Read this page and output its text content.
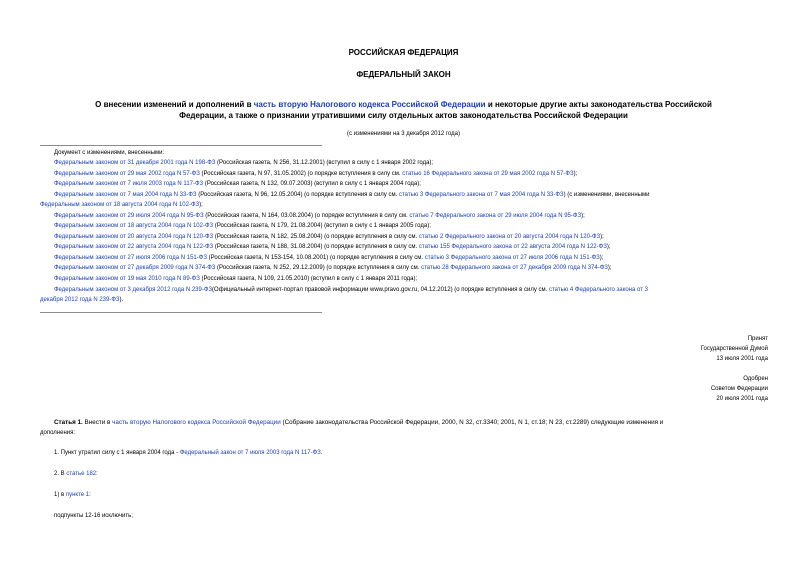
РОССИЙСКАЯ ФЕДЕРАЦИЯ
ФЕДЕРАЛЬНЫЙ ЗАКОН
О внесении изменений и дополнений в часть вторую Налогового кодекса Российской Федерации и некоторые другие акты законодательства Российской
Федерации, а также о признании утратившими силу отдельных актов законодательства Российской Федерации
(с изменениями на 3 декабря 2012 года)
Документ с изменениями, внесенными:
Федеральным законом от 31 декабря 2001 года N 198-ФЗ (Российская газета, N 256, 31.12.2001) (вступил в силу с 1 января 2002 года);
Федеральным законом от 29 мая 2002 года N 57-ФЗ (Российская газета, N 97, 31.05.2002) (о порядке вступления в силу см. статью 16 Федерального закона от 29 мая 2002 года N 57-ФЗ);
Федеральным законом от 7 июля 2003 года N 117-ФЗ (Российская газета, N 132, 09.07.2003) (вступил в силу с 1 января 2004 года);
Федеральным законом от 7 мая 2004 года N 33-ФЗ (Российская газета, N 96, 12.05.2004) (о порядке вступления в силу см. статью 3 Федерального закона от 7 мая 2004 года N 33-ФЗ) (с изменениями, внесенными
Федеральным законом от 18 августа 2004 года N 102-ФЗ);
Федеральным законом от 29 июля 2004 года N 95-ФЗ (Российская газета, N 164, 03.08.2004) (о порядке вступления в силу см. статью 7 Федерального закона от 29 июля 2004 года N 95-ФЗ);
Федеральным законом от 18 августа 2004 года N 102-ФЗ (Российская газета, N 179, 21.08.2004) (вступил в силу с 1 января 2005 года);
Федеральным законом от 20 августа 2004 года N 120-ФЗ (Российская газета, N 182, 25.08.2004) (о порядке вступления в силу см. статью 2 Федерального закона от 20 августа 2004 года N 120-ФЗ);
Федеральным законом от 22 августа 2004 года N 122-ФЗ (Российская газета, N 188, 31.08.2004) (о порядке вступления в силу см. статью 155 Федерального закона от 22 августа 2004 года N 122-ФЗ);
Федеральным законом от 27 июля 2006 года N 151-ФЗ (Российская газета, N 153-154, 10.08.2001) (о порядке вступления в силу см. статью 3 Федерального закона от 27 июля 2006 года N 151-ФЗ);
Федеральным законом от 27 декабря 2009 года N 374-ФЗ (Российская газета, N 252, 29.12.2009) (о порядке вступления в силу см. статью 28 Федерального закона от 27 декабря 2009 года N 374-ФЗ);
Федеральным законом от 19 мая 2010 года N 89-ФЗ (Российская газета, N 109, 21.05.2010) (вступил в силу с 1 января 2011 года);
Федеральным законом от 3 декабря 2012 года N 239-ФЗ(Официальный интернет-портал правовой информации www.pravo.gov.ru, 04.12.2012) (о порядке вступления в силу см. статью 4 Федерального закона от 3
декабря 2012 года N 239-ФЗ).
Принят
Государственной Думой
13 июля 2001 года
Одобрен
Советом Федерации
20 июля 2001 года
Статья 1. Внести в часть вторую Налогового кодекса Российской Федерации (Собрание законодательства Российской Федерации, 2000, N 32, ст.3340; 2001, N 1, ст.18; N 23, ст.2289) следующие изменения и
дополнения:
1. Пункт утратил силу с 1 января 2004 года - Федеральный закон от 7 июля 2003 года N 117-ФЗ.
2. В статье 182:
1) в пункте 1:
подпункты 12-16 исключить;
